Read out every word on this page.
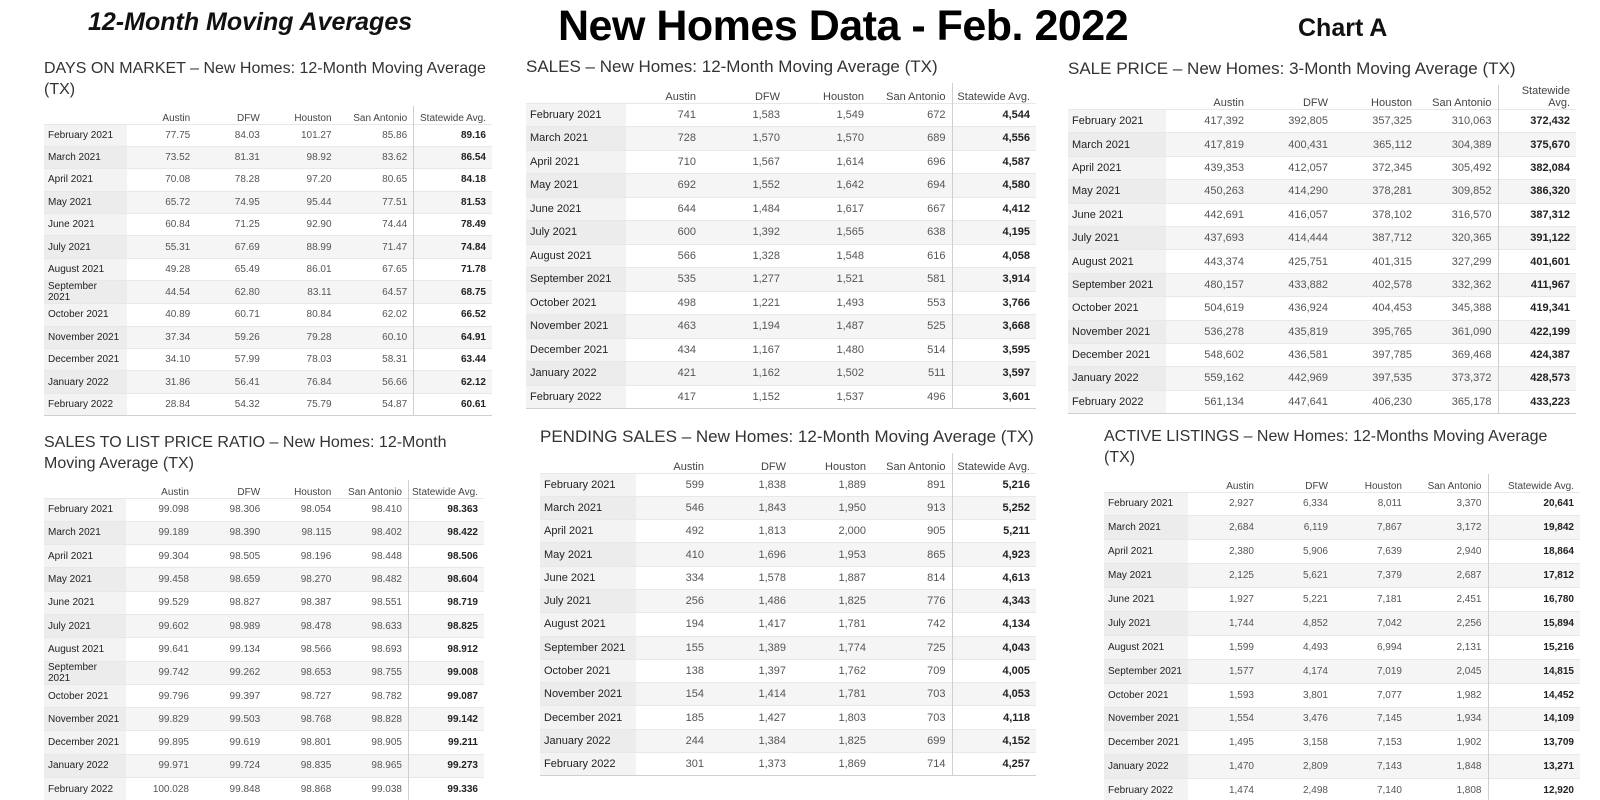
12-Month Moving Averages	New Homes Data - Feb. 2022	Chart A
DAYS ON MARKET – New Homes: 12-Month Moving Average (TX)
	Austin	DFW	Houston	San Antonio	Statewide Avg.
February 2021	77.75	84.03	101.27	85.86	89.16
March 2021	73.52	81.31	98.92	83.62	86.54
April 2021	70.08	78.28	97.20	80.65	84.18
May 2021	65.72	74.95	95.44	77.51	81.53
June 2021	60.84	71.25	92.90	74.44	78.49
July 2021	55.31	67.69	88.99	71.47	74.84
August 2021	49.28	65.49	86.01	67.65	71.78
September 2021	44.54	62.80	83.11	64.57	68.75
October 2021	40.89	60.71	80.84	62.02	66.52
November 2021	37.34	59.26	79.28	60.10	64.91
December 2021	34.10	57.99	78.03	58.31	63.44
January 2022	31.86	56.41	76.84	56.66	62.12
February 2022	28.84	54.32	75.79	54.87	60.61
SALES – New Homes: 12-Month Moving Average (TX)
	Austin	DFW	Houston	San Antonio	Statewide Avg.
February 2021	741	1,583	1,549	672	4,544
March 2021	728	1,570	1,570	689	4,556
April 2021	710	1,567	1,614	696	4,587
May 2021	692	1,552	1,642	694	4,580
June 2021	644	1,484	1,617	667	4,412
July 2021	600	1,392	1,565	638	4,195
August 2021	566	1,328	1,548	616	4,058
September 2021	535	1,277	1,521	581	3,914
October 2021	498	1,221	1,493	553	3,766
November 2021	463	1,194	1,487	525	3,668
December 2021	434	1,167	1,480	514	3,595
January 2022	421	1,162	1,502	511	3,597
February 2022	417	1,152	1,537	496	3,601
SALE PRICE – New Homes: 3-Month Moving Average (TX)
	Austin	DFW	Houston	San Antonio	Statewide Avg.
February 2021	417,392	392,805	357,325	310,063	372,432
March 2021	417,819	400,431	365,112	304,389	375,670
April 2021	439,353	412,057	372,345	305,492	382,084
May 2021	450,263	414,290	378,281	309,852	386,320
June 2021	442,691	416,057	378,102	316,570	387,312
July 2021	437,693	414,444	387,712	320,365	391,122
August 2021	443,374	425,751	401,315	327,299	401,601
September 2021	480,157	433,882	402,578	332,362	411,967
October 2021	504,619	436,924	404,453	345,388	419,341
November 2021	536,278	435,819	395,765	361,090	422,199
December 2021	548,602	436,581	397,785	369,468	424,387
January 2022	559,162	442,969	397,535	373,372	428,573
February 2022	561,134	447,641	406,230	365,178	433,223
SALES TO LIST PRICE RATIO – New Homes: 12-Month Moving Average (TX)
	Austin	DFW	Houston	San Antonio	Statewide Avg.
February 2021	99.098	98.306	98.054	98.410	98.363
March 2021	99.189	98.390	98.115	98.402	98.422
April 2021	99.304	98.505	98.196	98.448	98.506
May 2021	99.458	98.659	98.270	98.482	98.604
June 2021	99.529	98.827	98.387	98.551	98.719
July 2021	99.602	98.989	98.478	98.633	98.825
August 2021	99.641	99.134	98.566	98.693	98.912
September 2021	99.742	99.262	98.653	98.755	99.008
October 2021	99.796	99.397	98.727	98.782	99.087
November 2021	99.829	99.503	98.768	98.828	99.142
December 2021	99.895	99.619	98.801	98.905	99.211
January 2022	99.971	99.724	98.835	98.965	99.273
February 2022	100.028	99.848	98.868	99.038	99.336
PENDING SALES – New Homes: 12-Month Moving Average (TX)
	Austin	DFW	Houston	San Antonio	Statewide Avg.
February 2021	599	1,838	1,889	891	5,216
March 2021	546	1,843	1,950	913	5,252
April 2021	492	1,813	2,000	905	5,211
May 2021	410	1,696	1,953	865	4,923
June 2021	334	1,578	1,887	814	4,613
July 2021	256	1,486	1,825	776	4,343
August 2021	194	1,417	1,781	742	4,134
September 2021	155	1,389	1,774	725	4,043
October 2021	138	1,397	1,762	709	4,005
November 2021	154	1,414	1,781	703	4,053
December 2021	185	1,427	1,803	703	4,118
January 2022	244	1,384	1,825	699	4,152
February 2022	301	1,373	1,869	714	4,257
ACTIVE LISTINGS – New Homes: 12-Months Moving Average (TX)
	Austin	DFW	Houston	San Antonio	Statewide Avg.
February 2021	2,927	6,334	8,011	3,370	20,641
March 2021	2,684	6,119	7,867	3,172	19,842
April 2021	2,380	5,906	7,639	2,940	18,864
May 2021	2,125	5,621	7,379	2,687	17,812
June 2021	1,927	5,221	7,181	2,451	16,780
July 2021	1,744	4,852	7,042	2,256	15,894
August 2021	1,599	4,493	6,994	2,131	15,216
September 2021	1,577	4,174	7,019	2,045	14,815
October 2021	1,593	3,801	7,077	1,982	14,452
November 2021	1,554	3,476	7,145	1,934	14,109
December 2021	1,495	3,158	7,153	1,902	13,709
January 2022	1,470	2,809	7,143	1,848	13,271
February 2022	1,474	2,498	7,140	1,808	12,920
